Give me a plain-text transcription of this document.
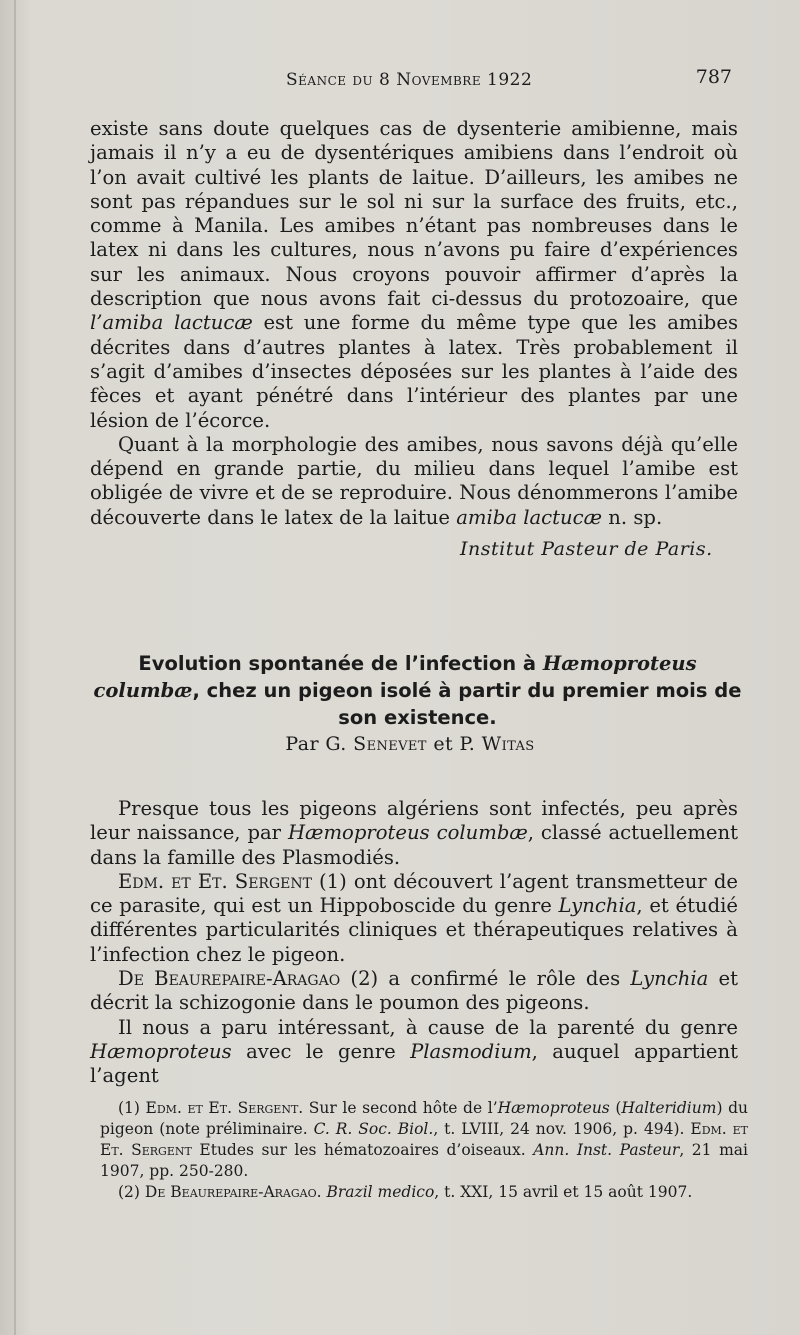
Séance du 8 Novembre 1922	787

existe sans doute quelques cas de dysenterie amibienne, mais jamais il n’y a eu de dysentériques amibiens dans l’endroit où l’on avait cultivé les plants de laitue. D’ailleurs, les amibes ne sont pas répandues sur le sol ni sur la surface des fruits, etc., comme à Manila. Les amibes n’étant pas nombreuses dans le latex ni dans les cultures, nous n’avons pu faire d’expériences sur les animaux. Nous croyons pouvoir affirmer d’après la description que nous avons fait ci-dessus du protozoaire, que l’amiba lactucæ est une forme du même type que les amibes décrites dans d’autres plantes à latex. Très probablement il s’agit d’amibes d’insectes déposées sur les plantes à l’aide des fèces et ayant pénétré dans l’intérieur des plantes par une lésion de l’écorce.

Quant à la morphologie des amibes, nous savons déjà qu’elle dépend en grande partie, du milieu dans lequel l’amibe est obligée de vivre et de se reproduire. Nous dénommerons l’amibe découverte dans le latex de la laitue amiba lactucæ n. sp.

Institut Pasteur de Paris.
Evolution spontanée de l’infection à Hæmoproteus columbæ, chez un pigeon isolé à partir du premier mois de son existence.
Par G. Senevet et P. Witas

Presque tous les pigeons algériens sont infectés, peu après leur naissance, par Hæmoproteus columbæ, classé actuellement dans la famille des Plasmodiés.

Edm. et Et. Sergent (1) ont découvert l’agent transmetteur de ce parasite, qui est un Hippoboscide du genre Lynchia, et étudié différentes particularités cliniques et thérapeutiques relatives à l’infection chez le pigeon.

De Beaurepaire-Aragao (2) a confirmé le rôle des Lynchia et décrit la schizogonie dans le poumon des pigeons.

Il nous a paru intéressant, à cause de la parenté du genre Hæmoproteus avec le genre Plasmodium, auquel appartient l’agent

(1) Edm. et Et. Sergent. Sur le second hôte de l’Hæmoproteus (Halteridium) du pigeon (note préliminaire. C. R. Soc. Biol., t. LVIII, 24 nov. 1906, p. 494). Edm. et Et. Sergent Etudes sur les hématozoaires d’oiseaux. Ann. Inst. Pasteur, 21 mai 1907, pp. 250-280.

(2) De Beaurepaire-Aragao. Brazil medico, t. XXI, 15 avril et 15 août 1907.
